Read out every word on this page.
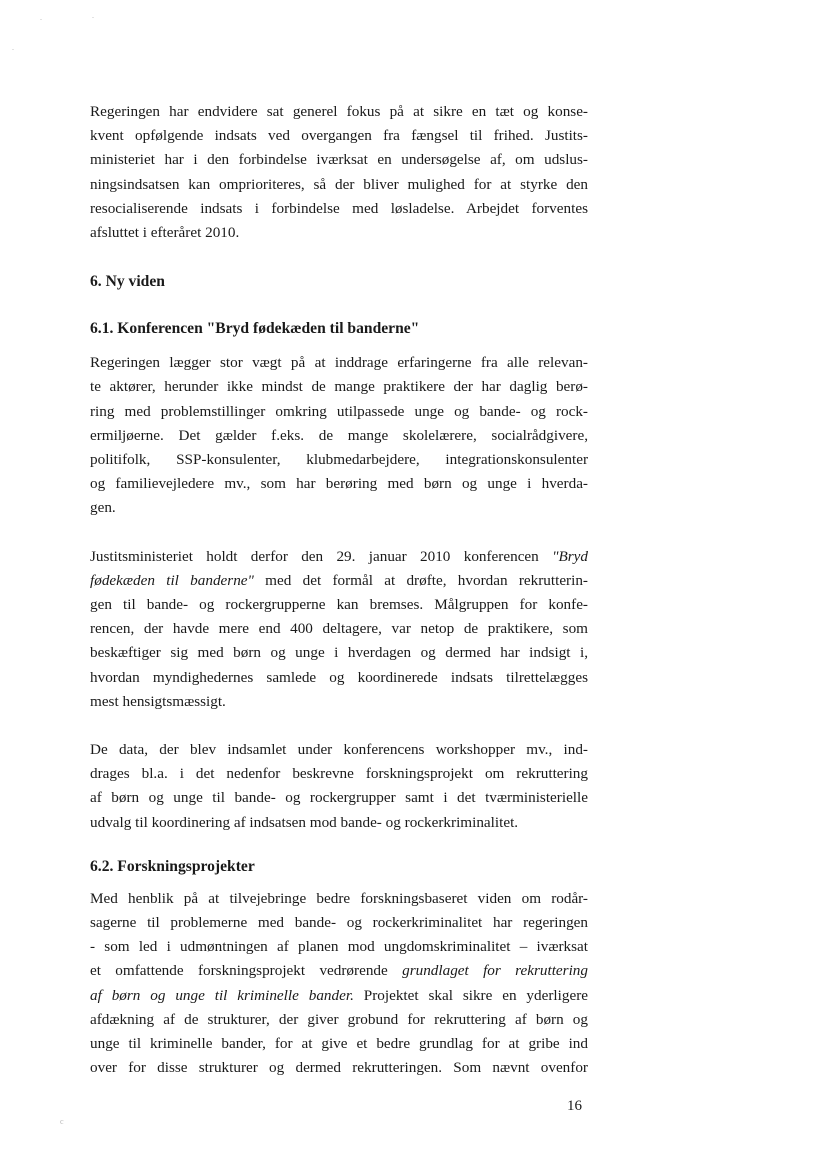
.	.
.
c

Regeringen har endvidere sat generel fokus på at sikre en tæt og konse-
kvent opfølgende indsats ved overgangen fra fængsel til frihed. Justits-
ministeriet har i den forbindelse iværksat en undersøgelse af, om udslus-
ningsindsatsen kan omprioriteres, så der bliver mulighed for at styrke den
resocialiserende indsats i forbindelse med løsladelse. Arbejdet forventes
afsluttet i efteråret 2010.

6. Ny viden
6.1. Konferencen "Bryd fødekæden til banderne"

Regeringen lægger stor vægt på at inddrage erfaringerne fra alle relevan-
te aktører, herunder ikke mindst de mange praktikere der har daglig berø-
ring med problemstillinger omkring utilpassede unge og bande- og rock-
ermiljøerne. Det gælder f.eks. de mange skolelærere, socialrådgivere,
politifolk, SSP-konsulenter, klubmedarbejdere, integrationskonsulenter
og familievejledere mv., som har berøring med børn og unge i hverda-
gen.

Justitsministeriet holdt derfor den 29. januar 2010 konferencen "Bryd
fødekæden til banderne" med det formål at drøfte, hvordan rekrutterin-
gen til bande- og rockergrupperne kan bremses. Målgruppen for konfe-
rencen, der havde mere end 400 deltagere, var netop de praktikere, som
beskæftiger sig med børn og unge i hverdagen og dermed har indsigt i,
hvordan myndighedernes samlede og koordinerede indsats tilrettelægges
mest hensigtsmæssigt.

De data, der blev indsamlet under konferencens workshopper mv., ind-
drages bl.a. i det nedenfor beskrevne forskningsprojekt om rekruttering
af børn og unge til bande- og rockergrupper samt i det tværministerielle
udvalg til koordinering af indsatsen mod bande- og rockerkriminalitet.

6.2. Forskningsprojekter

Med henblik på at tilvejebringe bedre forskningsbaseret viden om rodår-
sagerne til problemerne med bande- og rockerkriminalitet har regeringen
- som led i udmøntningen af planen mod ungdomskriminalitet – iværksat
et omfattende forskningsprojekt vedrørende grundlaget for rekruttering
af børn og unge til kriminelle bander. Projektet skal sikre en yderligere
afdækning af de strukturer, der giver grobund for rekruttering af børn og
unge til kriminelle bander, for at give et bedre grundlag for at gribe ind
over for disse strukturer og dermed rekrutteringen. Som nævnt ovenfor

16
